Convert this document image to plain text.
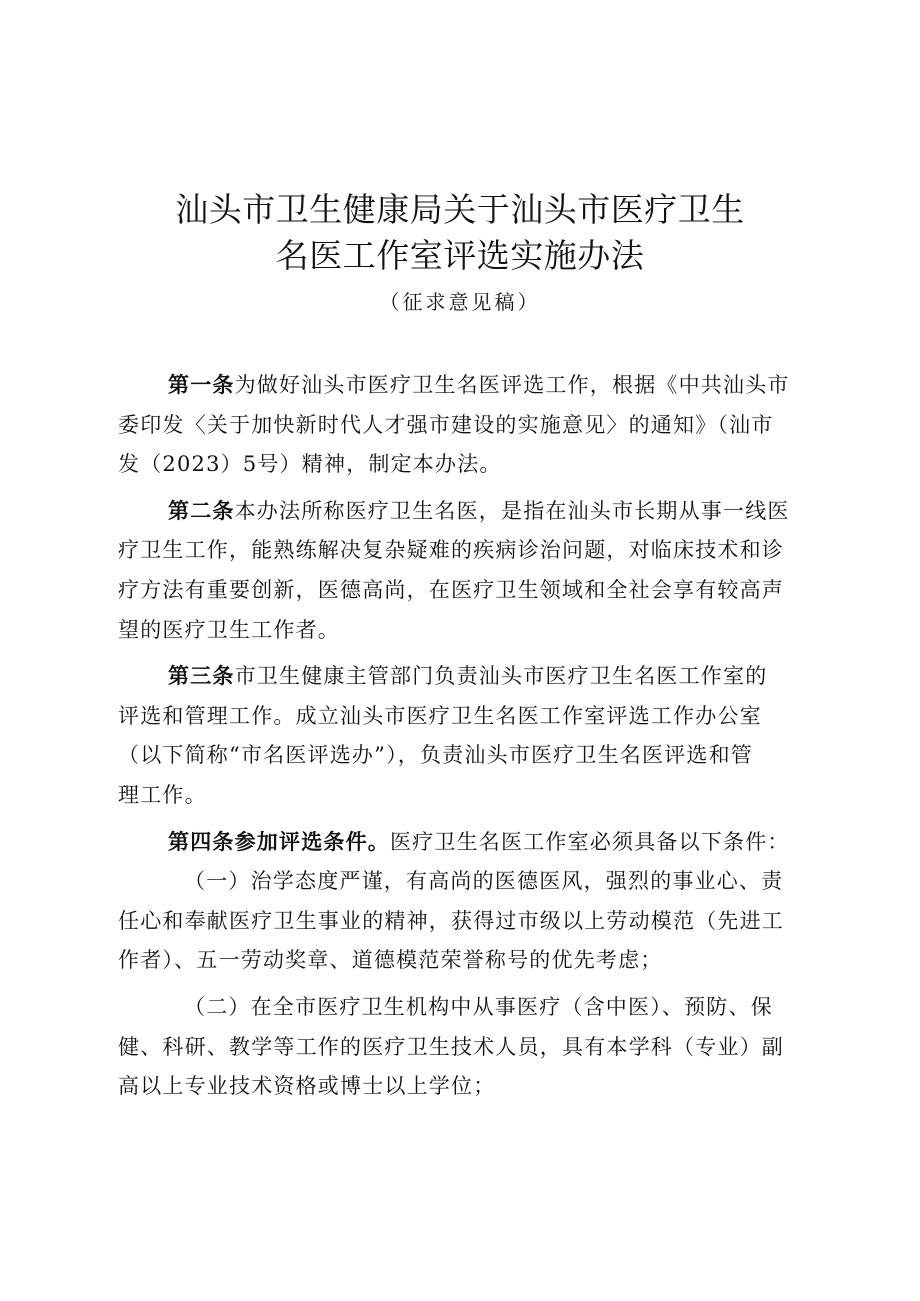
汕头市卫生健康局关于汕头市医疗卫生
名医工作室评选实施办法
（征求意见稿）
第一条为做好汕头市医疗卫生名医评选工作，根据《中共汕头市
委印发〈关于加快新时代人才强市建设的实施意见〉的通知》（汕市
发（2023）5号）精神，制定本办法。
第二条本办法所称医疗卫生名医，是指在汕头市长期从事一线医
疗卫生工作，能熟练解决复杂疑难的疾病诊治问题，对临床技术和诊
疗方法有重要创新，医德高尚，在医疗卫生领域和全社会享有较高声
望的医疗卫生工作者。
第三条市卫生健康主管部门负责汕头市医疗卫生名医工作室的
评选和管理工作。成立汕头市医疗卫生名医工作室评选工作办公室
（以下简称“市名医评选办”），负责汕头市医疗卫生名医评选和管
理工作。
第四条参加评选条件。医疗卫生名医工作室必须具备以下条件：
（一）治学态度严谨，有高尚的医德医风，强烈的事业心、责
任心和奉献医疗卫生事业的精神，获得过市级以上劳动模范（先进工
作者）、五一劳动奖章、道德模范荣誉称号的优先考虑；
（二）在全市医疗卫生机构中从事医疗（含中医）、预防、保
健、科研、教学等工作的医疗卫生技术人员，具有本学科（专业）副
高以上专业技术资格或博士以上学位；
